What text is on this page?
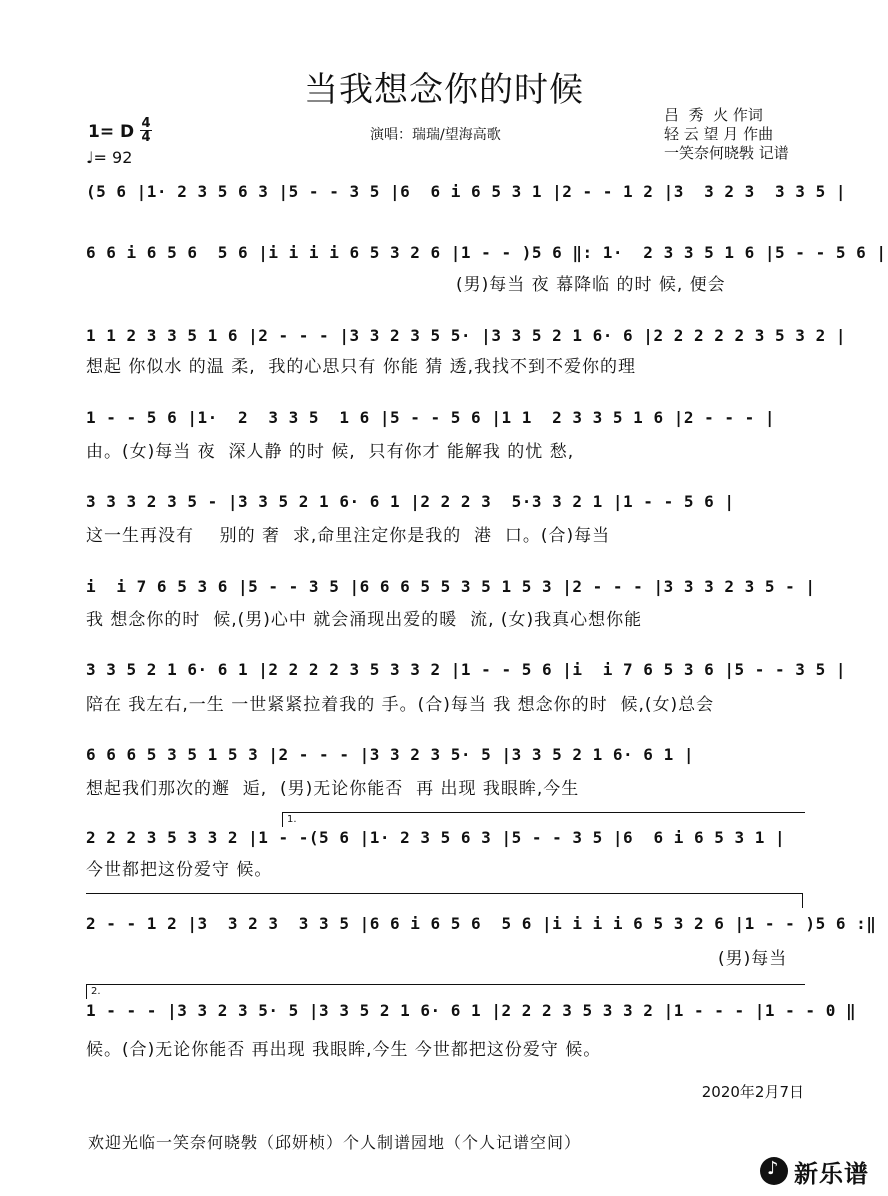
当我想念你的时候
吕  秀  火 作词
轻 云 望 月 作曲
一笑奈何晓斅 记谱
1= D 4
4
♩= 92
演唱：瑞瑞/望海高歌
(5 6 |1· 2 3 5 6 3 |5 - - 3 5 |6  6 i 6 5 3 1 |2 - - 1 2 |3  3 2 3  3 3 5 |
6 6 i 6 5 6  5 6 |i i i i 6 5 3 2 6 |1 - - )5 6 ‖: 1·  2 3 3 5 1 6 |5 - - 5 6 |
(男)每当 夜 幕降临 的时 候, 便会
1 1 2 3 3 5 1 6 |2 - - - |3 3 2 3 5 5· |3 3 5 2 1 6· 6 |2 2 2 2 2 3 5 3 2 |
想起 你似水 的温 柔,  我的心思只有 你能 猜 透,我找不到不爱你的理
1 - - 5 6 |1·  2  3 3 5  1 6 |5 - - 5 6 |1 1  2 3 3 5 1 6 |2 - - - |
由。(女)每当 夜  深人静 的时 候,  只有你才 能解我 的忧 愁,
3 3 3 2 3 5 - |3 3 5 2 1 6· 6 1 |2 2 2 3  5·3 3 2 1 |1 - - 5 6 |
这一生再没有    别的 奢  求,命里注定你是我的  港  口。(合)每当
i  i 7 6 5 3 6 |5 - - 3 5 |6 6 6 5 5 3 5 1 5 3 |2 - - - |3 3 3 2 3 5 - |
我 想念你的时  候,(男)心中 就会涌现出爱的暖  流, (女)我真心想你能
3 3 5 2 1 6· 6 1 |2 2 2 2 3 5 3 3 2 |1 - - 5 6 |i  i 7 6 5 3 6 |5 - - 3 5 |
陪在 我左右,一生 一世紧紧拉着我的 手。(合)每当 我 想念你的时  候,(女)总会
6 6 6 5 3 5 1 5 3 |2 - - - |3 3 2 3 5· 5 |3 3 5 2 1 6· 6 1 |
想起我们那次的邂  逅,  (男)无论你能否  再 出现 我眼眸,今生
1.
2 2 2 3 5 3 3 2 |1 - -(5 6 |1· 2 3 5 6 3 |5 - - 3 5 |6  6 i 6 5 3 1 |
今世都把这份爱守 候。
2 - - 1 2 |3  3 2 3  3 3 5 |6 6 i 6 5 6  5 6 |i i i i 6 5 3 2 6 |1 - - )5 6 :‖
(男)每当
2.
1 - - - |3 3 2 3 5· 5 |3 3 5 2 1 6· 6 1 |2 2 2 3 5 3 3 2 |1 - - - |1 - - 0 ‖
候。(合)无论你能否 再出现 我眼眸,今生 今世都把这份爱守 候。
2020年2月7日
欢迎光临一笑奈何晓斅（邱妍桢）个人制谱园地（个人记谱空间）
♪
新乐谱
